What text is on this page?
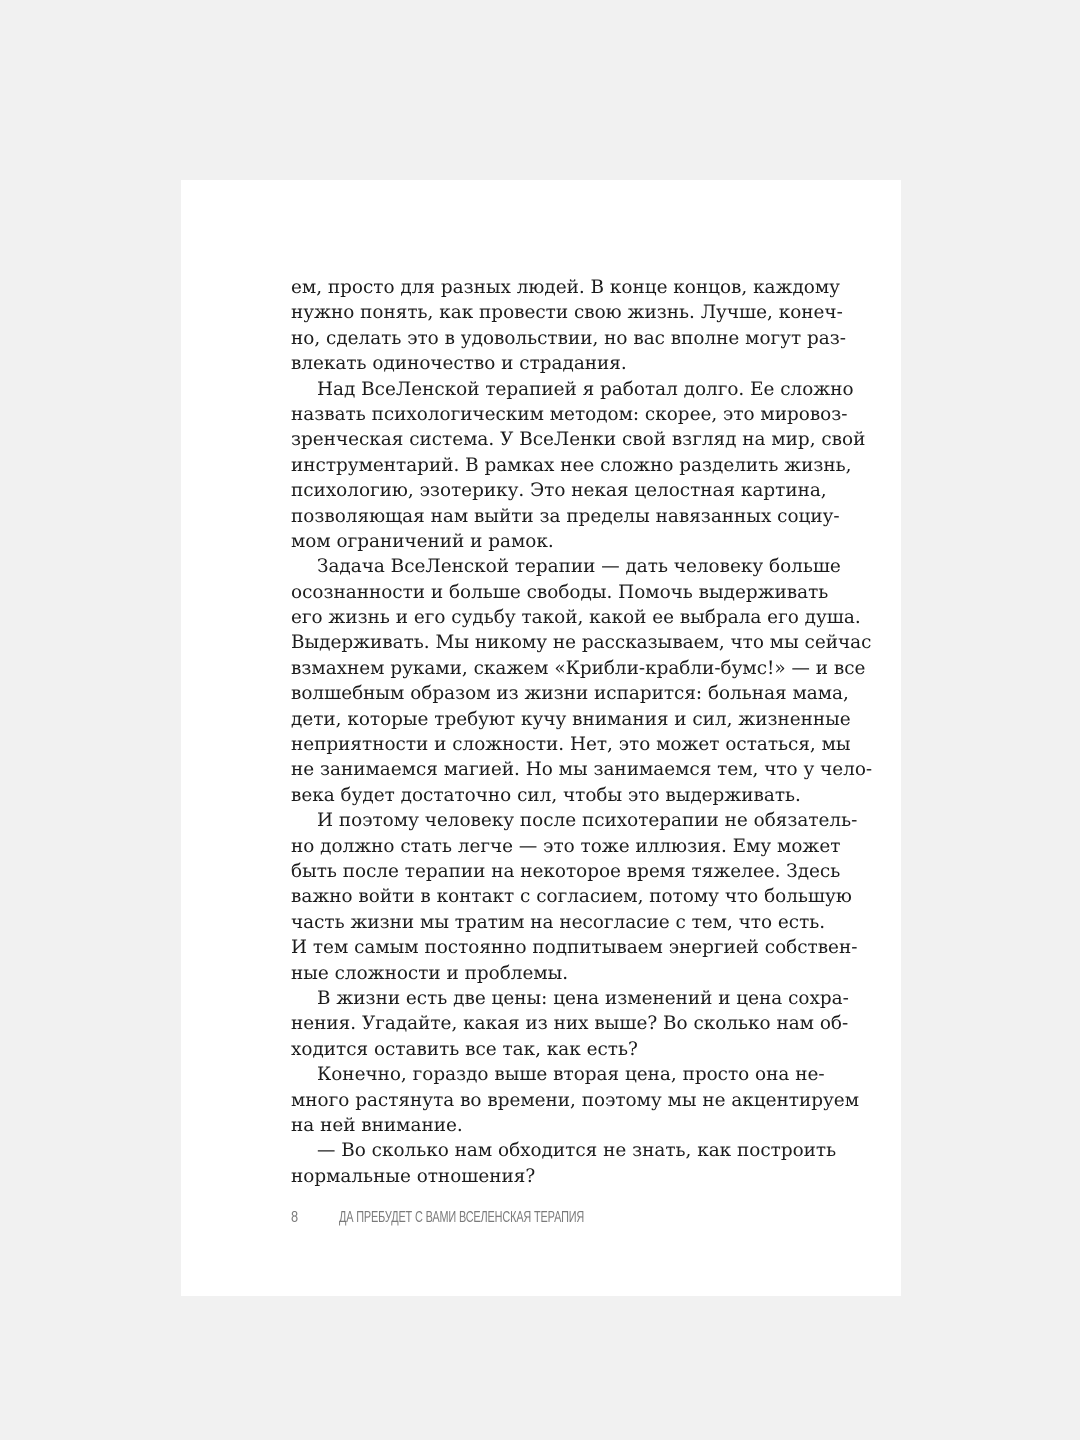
ем, просто для разных людей. В конце концов, каждому
нужно понять, как провести свою жизнь. Лучше, конеч-
но, сделать это в удовольствии, но вас вполне могут раз-
влекать одиночество и страдания.
Над ВсеЛенской терапией я работал долго. Ее сложно
назвать психологическим методом: скорее, это мировоз-
зренческая система. У ВсеЛенки свой взгляд на мир, свой
инструментарий. В рамках нее сложно разделить жизнь,
психологию, эзотерику. Это некая целостная картина,
позволяющая нам выйти за пределы навязанных социу-
мом ограничений и рамок.
Задача ВсеЛенской терапии — дать человеку больше
осознанности и больше свободы. Помочь выдерживать
его жизнь и его судьбу такой, какой ее выбрала его душа.
Выдерживать. Мы никому не рассказываем, что мы сейчас
взмахнем руками, скажем «Крибли-крабли-бумс!» — и все
волшебным образом из жизни испарится: больная мама,
дети, которые требуют кучу внимания и сил, жизненные
неприятности и сложности. Нет, это может остаться, мы
не занимаемся магией. Но мы занимаемся тем, что у чело-
века будет достаточно сил, чтобы это выдерживать.
И поэтому человеку после психотерапии не обязатель-
но должно стать легче — это тоже иллюзия. Ему может
быть после терапии на некоторое время тяжелее. Здесь
важно войти в контакт с согласием, потому что большую
часть жизни мы тратим на несогласие с тем, что есть.
И тем самым постоянно подпитываем энергией собствен-
ные сложности и проблемы.
В жизни есть две цены: цена изменений и цена сохра-
нения. Угадайте, какая из них выше? Во сколько нам об-
ходится оставить все так, как есть?
Конечно, гораздо выше вторая цена, просто она не-
много растянута во времени, поэтому мы не акцентируем
на ней внимание.
— Во сколько нам обходится не знать, как построить
нормальные отношения?
8	ДА ПРЕБУДЕТ С ВАМИ ВСЕЛЕНСКАЯ ТЕРАПИЯ
